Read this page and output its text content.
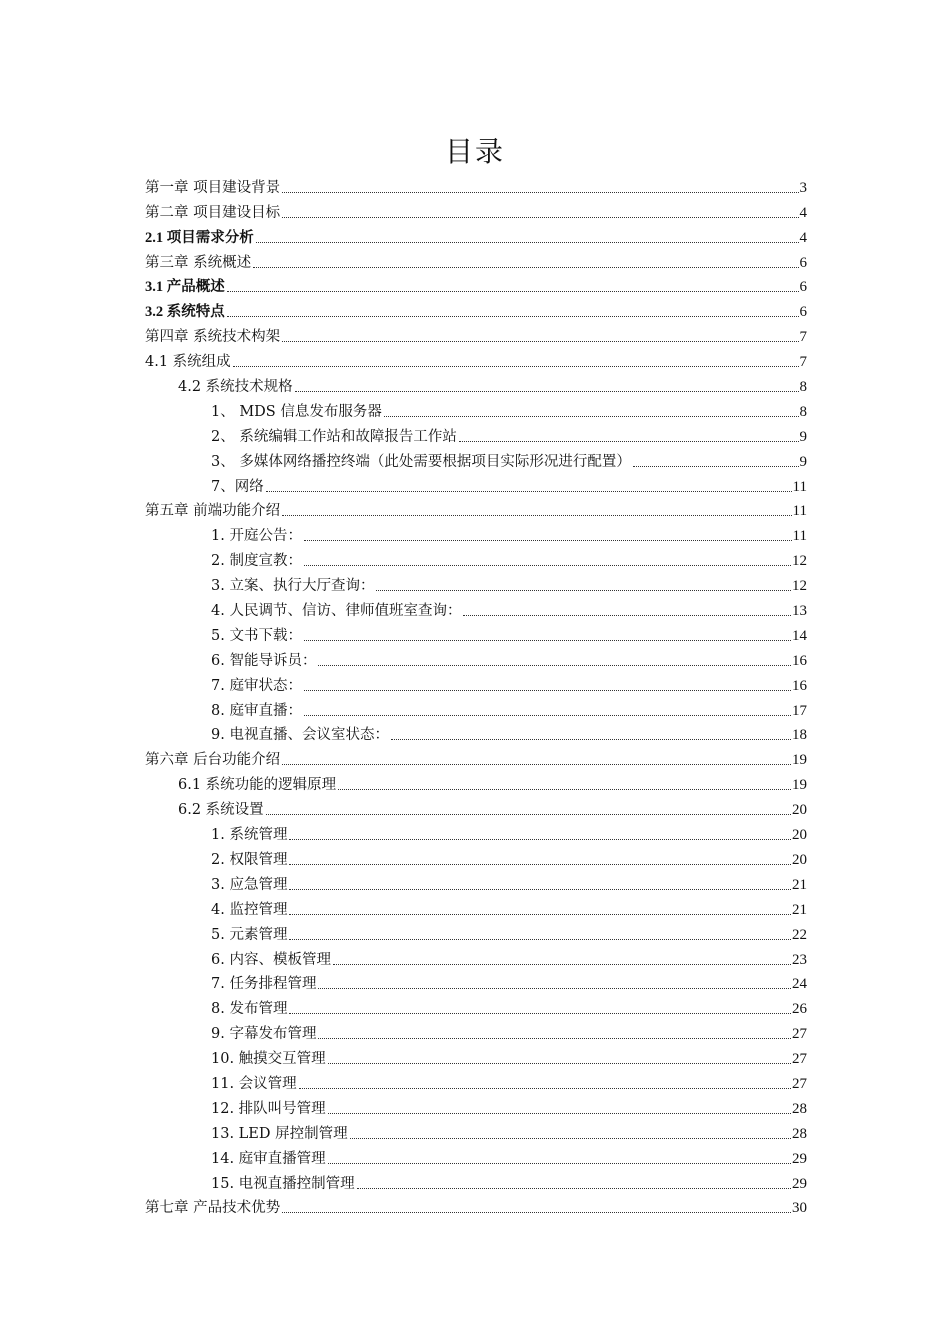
目录
第一章 项目建设背景	3
第二章 项目建设目标	4
2.1 项目需求分析	4
第三章 系统概述	6
3.1 产品概述	6
3.2 系统特点	6
第四章 系统技术构架	7
4.1 系统组成	7
4.2 系统技术规格	8
1、 MDS 信息发布服务器	8
2、 系统编辑工作站和故障报告工作站	9
3、 多媒体网络播控终端（此处需要根据项目实际形况进行配置）	9
7、网络	11
第五章 前端功能介绍	11
1. 开庭公告：	11
2. 制度宣教：	12
3. 立案、执行大厅查询：	12
4. 人民调节、信访、律师值班室查询：	13
5. 文书下载：	14
6. 智能导诉员：	16
7. 庭审状态：	16
8. 庭审直播：	17
9. 电视直播、会议室状态：	18
第六章 后台功能介绍	19
6.1 系统功能的逻辑原理	19
6.2 系统设置	20
1. 系统管理	20
2. 权限管理	20
3. 应急管理	21
4. 监控管理	21
5. 元素管理	22
6. 内容、模板管理	23
7. 任务排程管理	24
8. 发布管理	26
9. 字幕发布管理	27
10. 触摸交互管理	27
11. 会议管理	27
12. 排队叫号管理	28
13. LED 屏控制管理	28
14. 庭审直播管理	29
15. 电视直播控制管理	29
第七章 产品技术优势	30
